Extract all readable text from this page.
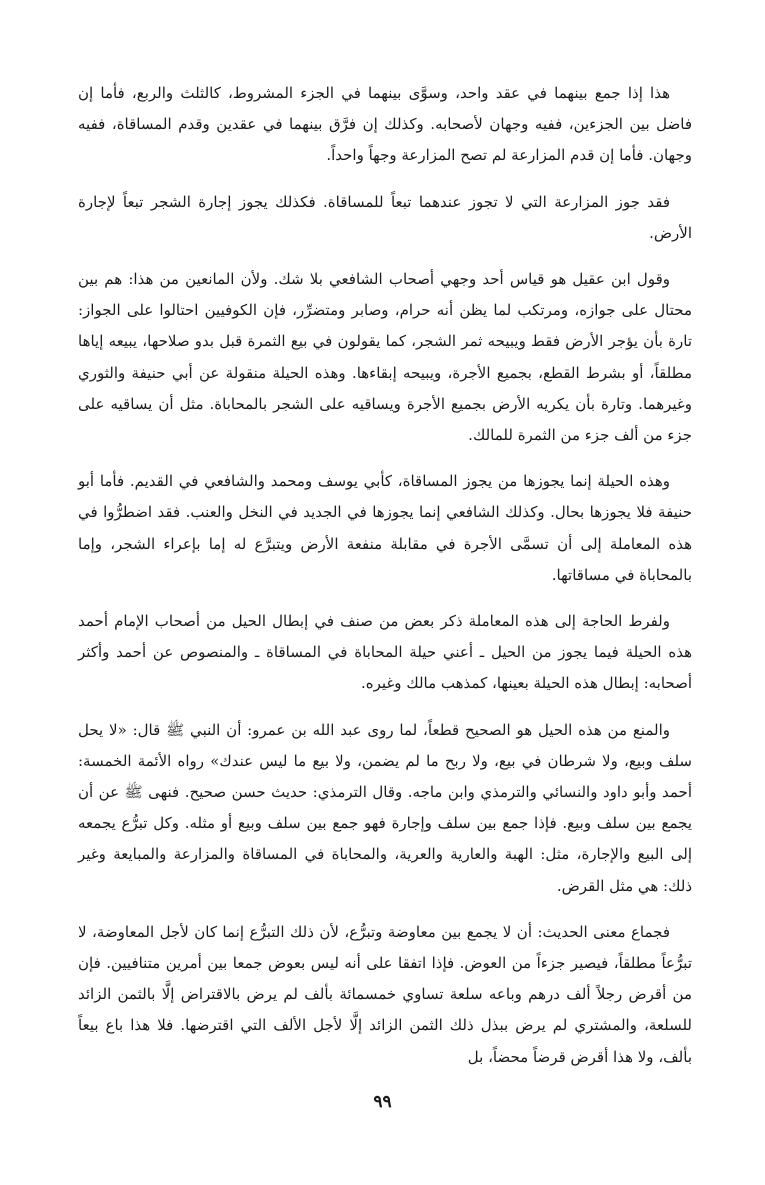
هذا إذا جمع بينهما في عقد واحد، وسوَّى بينهما في الجزء المشروط، كالثلث والربع، فأما إن فاضل بين الجزءين، ففيه وجهان لأصحابه. وكذلك إن فرَّق بينهما في عقدين وقدم المساقاة، ففيه وجهان. فأما إن قدم المزارعة لم تصح المزارعة وجهاً واحداً.

فقد جوز المزارعة التي لا تجوز عندهما تبعاً للمساقاة. فكذلك يجوز إجارة الشجر تبعاً لإجارة الأرض.

وقول ابن عقيل هو قياس أحد وجهي أصحاب الشافعي بلا شك. ولأن المانعين من هذا: هم بين محتال على جوازه، ومرتكب لما يظن أنه حرام، وصابر ومتضرِّر، فإن الكوفيين احتالوا على الجواز: تارة بأن يؤجر الأرض فقط ويبيحه ثمر الشجر، كما يقولون في بيع الثمرة قبل بدو صلاحها، يبيعه إياها مطلقاً، أو بشرط القطع، بجميع الأجرة، ويبيحه إبقاءها. وهذه الحيلة منقولة عن أبي حنيفة والثوري وغيرهما. وتارة بأن يكريه الأرض بجميع الأجرة ويساقيه على الشجر بالمحاباة. مثل أن يساقيه على جزء من ألف جزء من الثمرة للمالك.

وهذه الحيلة إنما يجوزها من يجوز المساقاة، كأبي يوسف ومحمد والشافعي في القديم. فأما أبو حنيفة فلا يجوزها بحال. وكذلك الشافعي إنما يجوزها في الجديد في النخل والعنب. فقد اضطرُّوا في هذه المعاملة إلى أن تسمَّى الأجرة في مقابلة منفعة الأرض ويتبرَّع له إما بإعراء الشجر، وإما بالمحاباة في مساقاتها.

ولفرط الحاجة إلى هذه المعاملة ذكر بعض من صنف في إبطال الحيل من أصحاب الإمام أحمد هذه الحيلة فيما يجوز من الحيل ـ أعني حيلة المحاباة في المساقاة ـ والمنصوص عن أحمد وأكثر أصحابه: إبطال هذه الحيلة بعينها، كمذهب مالك وغيره.

والمنع من هذه الحيل هو الصحيح قطعاً، لما روى عبد الله بن عمرو: أن النبي ﷺ قال: «لا يحل سلف وبيع، ولا شرطان في بيع، ولا ربح ما لم يضمن، ولا بيع ما ليس عندك» رواه الأئمة الخمسة: أحمد وأبو داود والنسائي والترمذي وابن ماجه. وقال الترمذي: حديث حسن صحيح. فنهى ﷺ عن أن يجمع بين سلف وبيع. فإذا جمع بين سلف وإجارة فهو جمع بين سلف وبيع أو مثله. وكل تبرُّع يجمعه إلى البيع والإجارة، مثل: الهبة والعارية والعرية، والمحاباة في المساقاة والمزارعة والمبايعة وغير ذلك: هي مثل القرض.

فجماع معنى الحديث: أن لا يجمع بين معاوضة وتبرُّع، لأن ذلك التبرُّع إنما كان لأجل المعاوضة، لا تبرُّعاً مطلقاً، فيصير جزءاً من العوض. فإذا اتفقا على أنه ليس بعوض جمعا بين أمرين متنافيين. فإن من أقرض رجلاً ألف درهم وباعه سلعة تساوي خمسمائة بألف لم يرض بالاقتراض إلَّا بالثمن الزائد للسلعة، والمشتري لم يرض ببذل ذلك الثمن الزائد إلَّا لأجل الألف التي اقترضها. فلا هذا باع بيعاً بألف، ولا هذا أقرض قرضاً محضاً، بل

٩٩
